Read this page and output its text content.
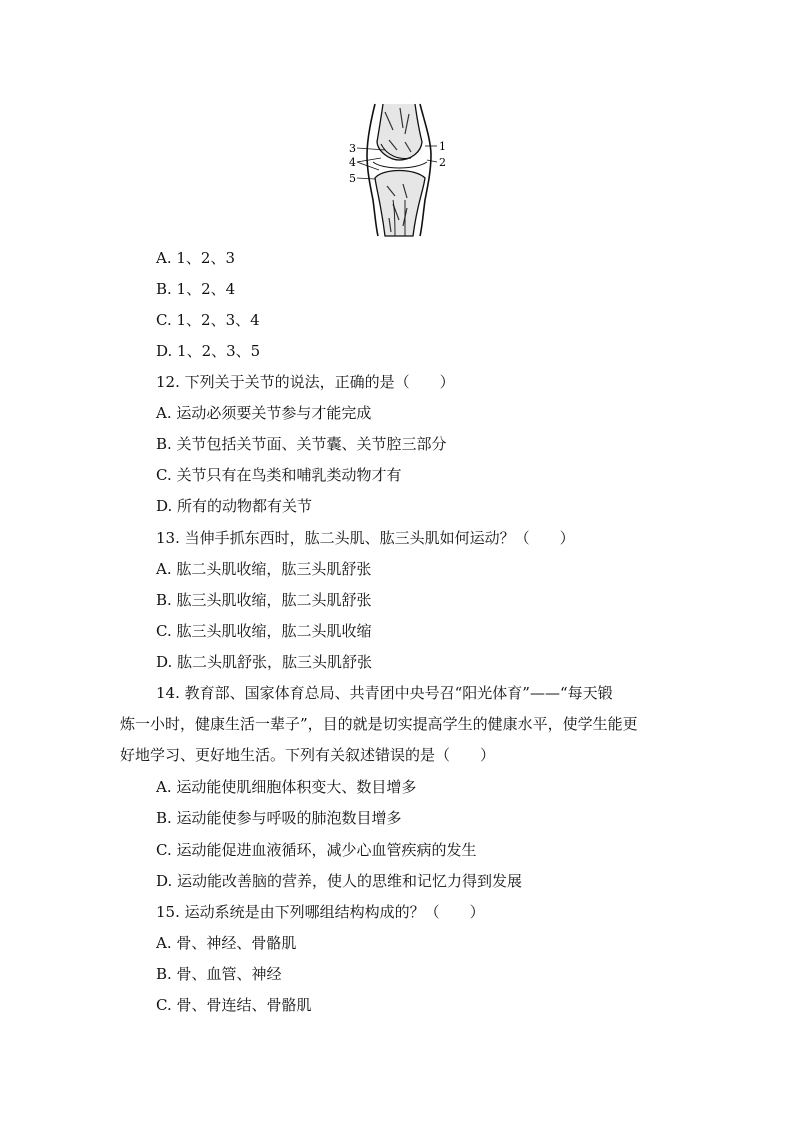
3
4
5
1
2
A. 1、2、3
B. 1、2、4
C. 1、2、3、4
D. 1、2、3、5
12. 下列关于关节的说法，正确的是（　　）
A. 运动必须要关节参与才能完成
B. 关节包括关节面、关节囊、关节腔三部分
C. 关节只有在鸟类和哺乳类动物才有
D. 所有的动物都有关节
13. 当伸手抓东西时，肱二头肌、肱三头肌如何运动？（　　）
A. 肱二头肌收缩，肱三头肌舒张
B. 肱三头肌收缩，肱二头肌舒张
C. 肱三头肌收缩，肱二头肌收缩
D. 肱二头肌舒张，肱三头肌舒张
14. 教育部、国家体育总局、共青团中央号召“阳光体育”——“每天锻
炼一小时，健康生活一辈子”，目的就是切实提高学生的健康水平，使学生能更
好地学习、更好地生活。下列有关叙述错误的是（　　）
A. 运动能使肌细胞体积变大、数目增多
B. 运动能使参与呼吸的肺泡数目增多
C. 运动能促进血液循环，减少心血管疾病的发生
D. 运动能改善脑的营养，使人的思维和记忆力得到发展
15. 运动系统是由下列哪组结构构成的？（　　）
A. 骨、神经、骨骼肌
B. 骨、血管、神经
C. 骨、骨连结、骨骼肌
